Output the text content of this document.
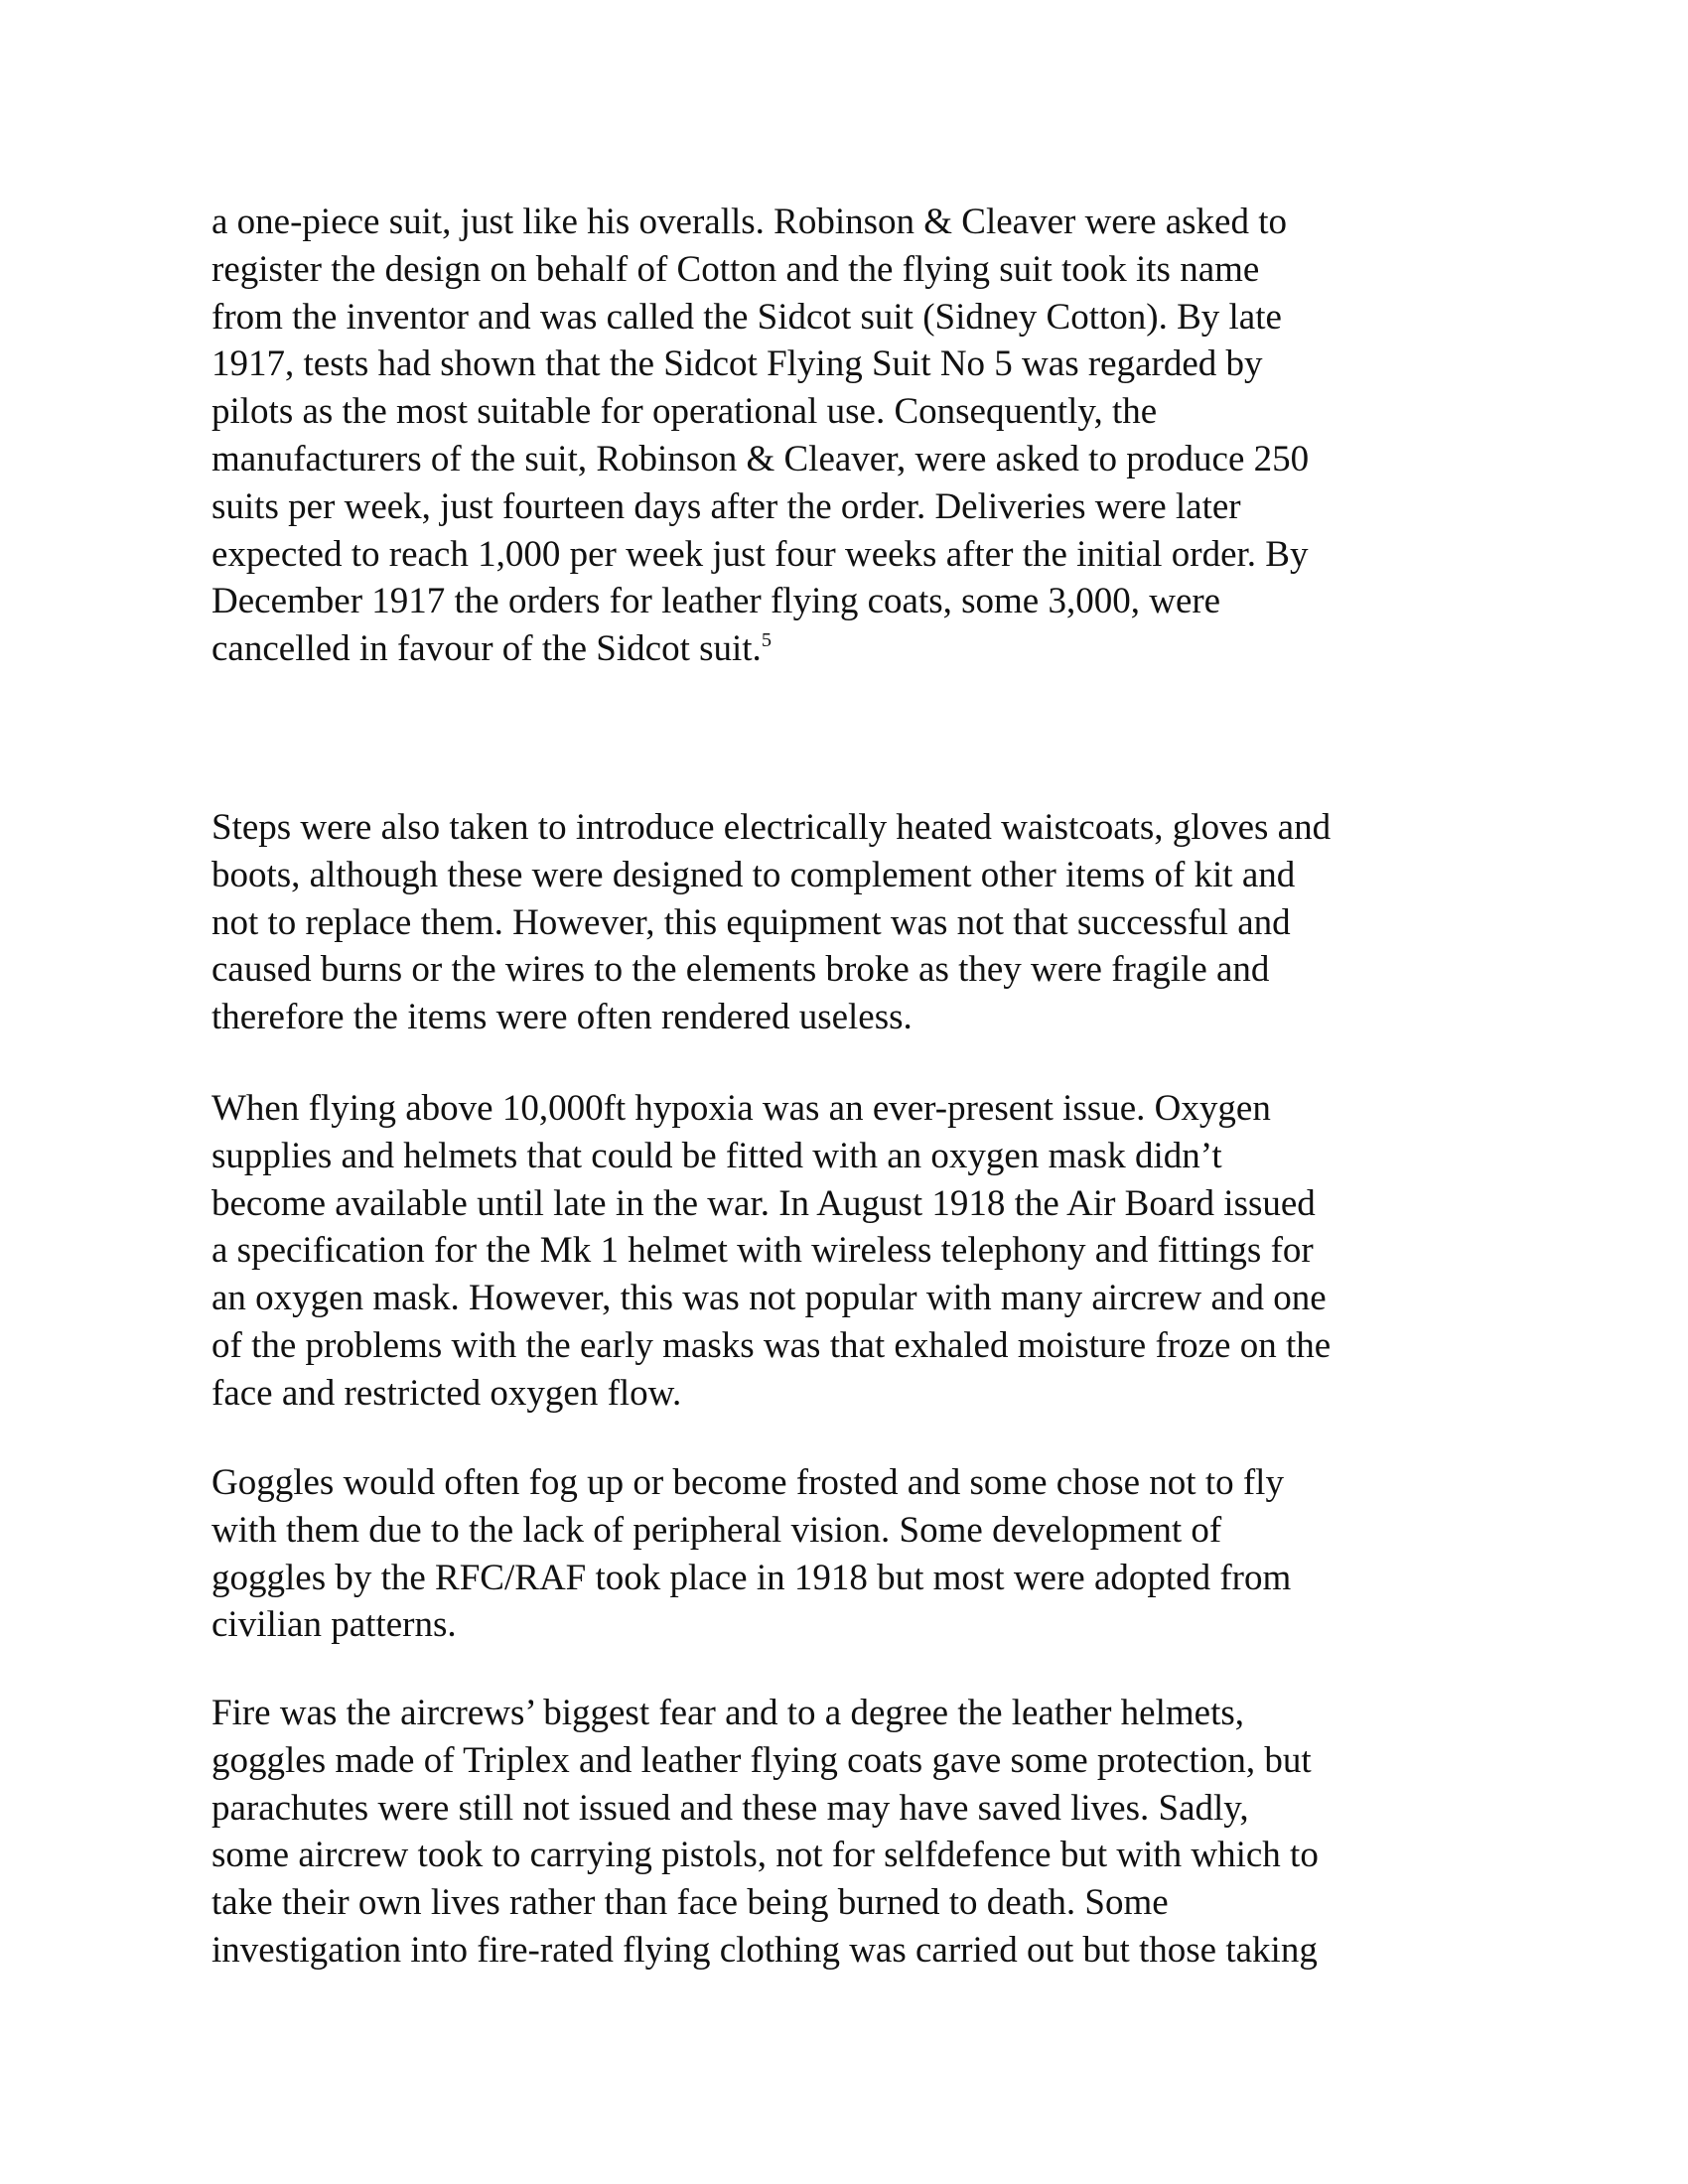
a one-piece suit, just like his overalls. Robinson & Cleaver were asked to
register the design on behalf of Cotton and the flying suit took its name
from the inventor and was called the Sidcot suit (Sidney Cotton). By late
1917, tests had shown that the Sidcot Flying Suit No 5 was regarded by
pilots as the most suitable for operational use. Consequently, the
manufacturers of the suit, Robinson & Cleaver, were asked to produce 250
suits per week, just fourteen days after the order. Deliveries were later
expected to reach 1,000 per week just four weeks after the initial order. By
December 1917 the orders for leather flying coats, some 3,000, were
cancelled in favour of the Sidcot suit.$^5$
Steps were also taken to introduce electrically heated waistcoats, gloves and
boots, although these were designed to complement other items of kit and
not to replace them. However, this equipment was not that successful and
caused burns or the wires to the elements broke as they were fragile and
therefore the items were often rendered useless.
When flying above 10,000ft hypoxia was an ever-present issue. Oxygen
supplies and helmets that could be fitted with an oxygen mask didn’t
become available until late in the war. In August 1918 the Air Board issued
a specification for the Mk 1 helmet with wireless telephony and fittings for
an oxygen mask. However, this was not popular with many aircrew and one
of the problems with the early masks was that exhaled moisture froze on the
face and restricted oxygen flow.
Goggles would often fog up or become frosted and some chose not to fly
with them due to the lack of peripheral vision. Some development of
goggles by the RFC/RAF took place in 1918 but most were adopted from
civilian patterns.
Fire was the aircrews’ biggest fear and to a degree the leather helmets,
goggles made of Triplex and leather flying coats gave some protection, but
parachutes were still not issued and these may have saved lives. Sadly,
some aircrew took to carrying pistols, not for selfdefence but with which to
take their own lives rather than face being burned to death. Some
investigation into fire-rated flying clothing was carried out but those taking
